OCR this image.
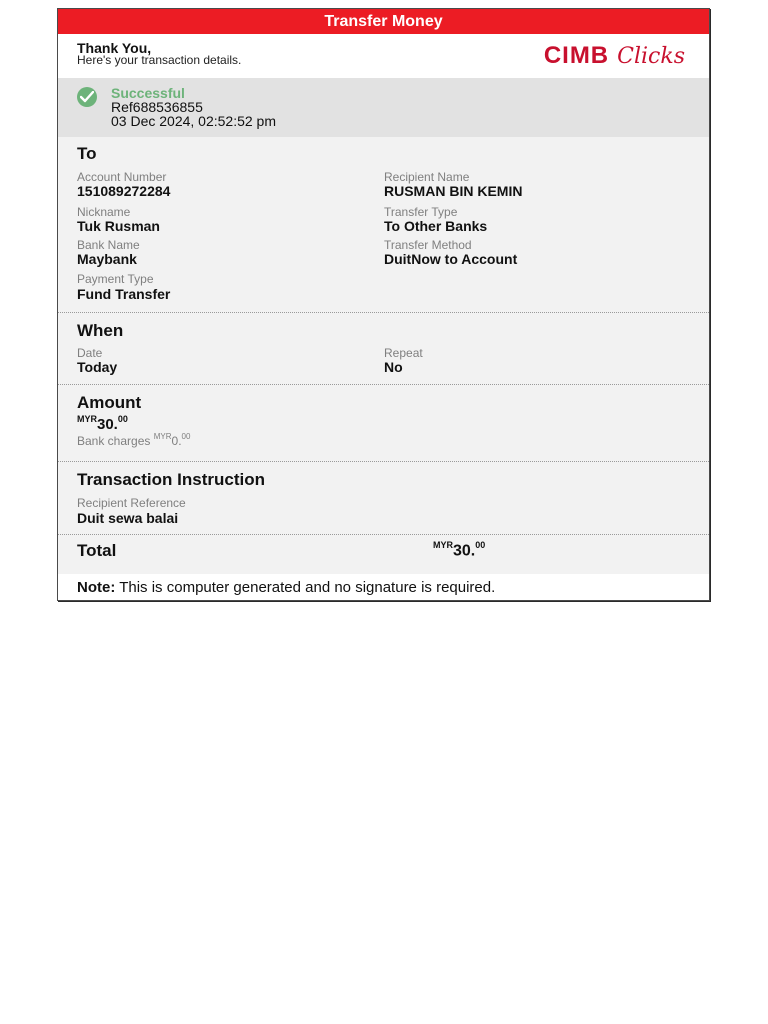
Transfer Money
Thank You,
Here's your transaction details.	CIMB Clicks
Successful
Ref688536855
03 Dec 2024, 02:52:52 pm
To
Account Number
151089272284
Recipient Name
RUSMAN BIN KEMIN
Nickname
Tuk Rusman
Transfer Type
To Other Banks
Bank Name
Maybank
Transfer Method
DuitNow to Account
Payment Type
Fund Transfer
When
Date
Today
Repeat
No
Amount
$^{MYR}$30.00
Bank charges $^{MYR}$0.00
Transaction Instruction
Recipient Reference
Duit sewa balai
Total	$^{MYR}$30.00
Note: This is computer generated and no signature is required.
